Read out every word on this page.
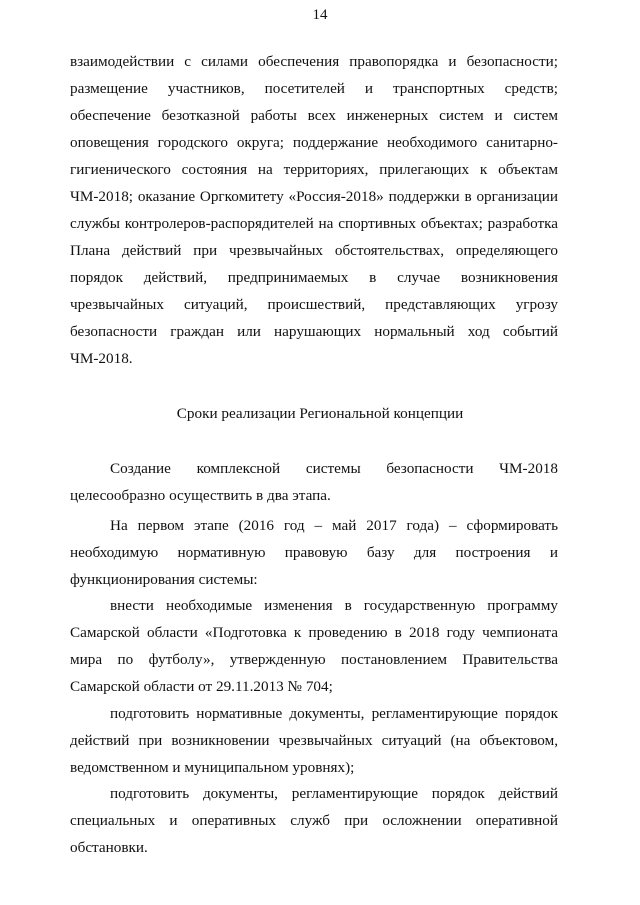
14
взаимодействии с силами обеспечения правопорядка и безопасности;
размещение участников, посетителей и транспортных средств;
обеспечение безотказной работы всех инженерных систем и систем
оповещения городского округа; поддержание необходимого санитарно-
гигиенического состояния на территориях, прилегающих к объектам
ЧМ-2018; оказание Оргкомитету «Россия-2018» поддержки в организации
службы контролеров-распорядителей на спортивных объектах; разработка
Плана действий при чрезвычайных обстоятельствах, определяющего
порядок действий, предпринимаемых в случае возникновения
чрезвычайных ситуаций, происшествий, представляющих угрозу
безопасности граждан или нарушающих нормальный ход событий
ЧМ-2018.
Сроки реализации Региональной концепции
Создание комплексной системы безопасности ЧМ-2018
целесообразно осуществить в два этапа.
На первом этапе (2016 год – май 2017 года) – сформировать
необходимую нормативную правовую базу для построения и
функционирования системы:
внести необходимые изменения в государственную программу
Самарской области «Подготовка к проведению в 2018 году чемпионата
мира по футболу», утвержденную постановлением Правительства
Самарской области от 29.11.2013 № 704;
подготовить нормативные документы, регламентирующие порядок
действий при возникновении чрезвычайных ситуаций (на объектовом,
ведомственном и муниципальном уровнях);
подготовить документы, регламентирующие порядок действий
специальных и оперативных служб при осложнении оперативной
обстановки.
